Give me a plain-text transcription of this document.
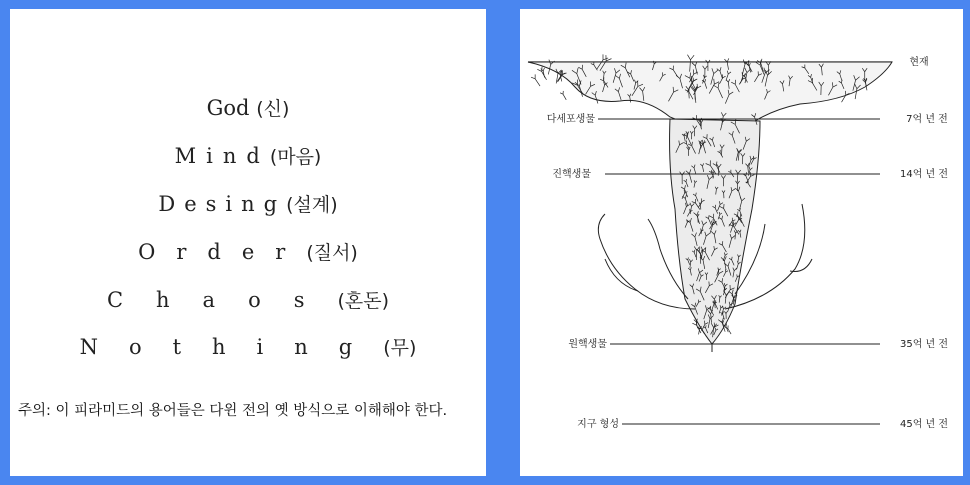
God (신)
Mind(마음)
Desing(설계)
Order(질서)
Chaos(혼돈)
Nothing(무)
주의: 이 피라미드의 용어들은 다윈 전의 옛 방식으로 이해해야 한다.
다세포생물
진핵생물
원핵생물
지구 형성
현재
7억 년 전
14억 년 전
35억 년 전
45억 년 전
